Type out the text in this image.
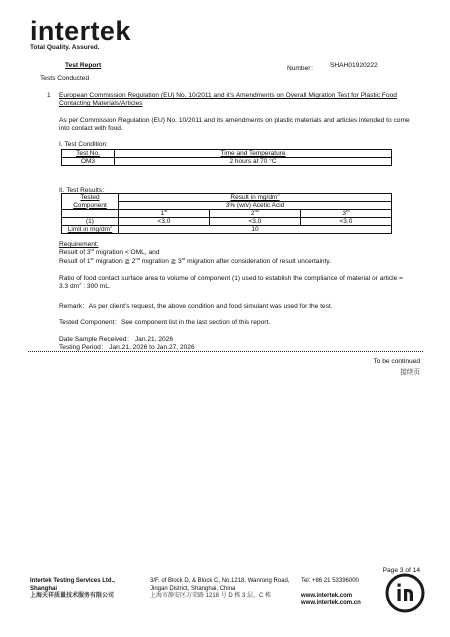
intertek
Total Quality. Assured.
Test Report	Number： SHAH01920222
Tests Conducted
1 European Commission Regulation (EU) No. 10/2011 and it’s Amendments on Overall Migration Test for Plastic Food
Contacting Materials/Articles
As per Commission Regulation (EU) No. 10/2011 and its amendments on plastic materials and articles intended to come
into contact with food.
I. Test Condition:
Test No.	Time and Temperature
OM3	2 hours at 70 °C
II. Test Results：
Tested
Component	Result in $mg/dm^2$
	3% (w/v) Acetic Acid		
	1st	2nd	3rd
(1)	<3.0	<3.0	<3.0
Limit in $mg/dm^2$	10		
Requirement:
Result of 3rd migration < OML, and
Result of 1st migration ≧ 2nd migration ≧ 3rd migration after consideration of result uncertainty.
Ratio of food contact surface area to volume of component (1) used to establish the compliance of material or article =
3.3 $dm^2$ : 300 mL.
Remark：As per client’s request, the above condition and food simulant was used for the test.
Tested Component：See component list in the last section of this report.
Date Sample Received： Jan.21, 2026
Testing Period： Jan.21, 2026 to Jan.27, 2026
To be continued
接续页
Page 3 of 14
Intertek Testing Services Ltd.,
Shanghai
上海天祥质量技术服务有限公司
3/F. of Block D, & Block C, No.1218, Wanrong Road,
Jingan District, Shanghai, China
上海市静安区万荣路 1218 号 D 栋 3 层、C 栋
Tel: +86 21 53396000
www.intertek.com
www.intertek.com.cn
